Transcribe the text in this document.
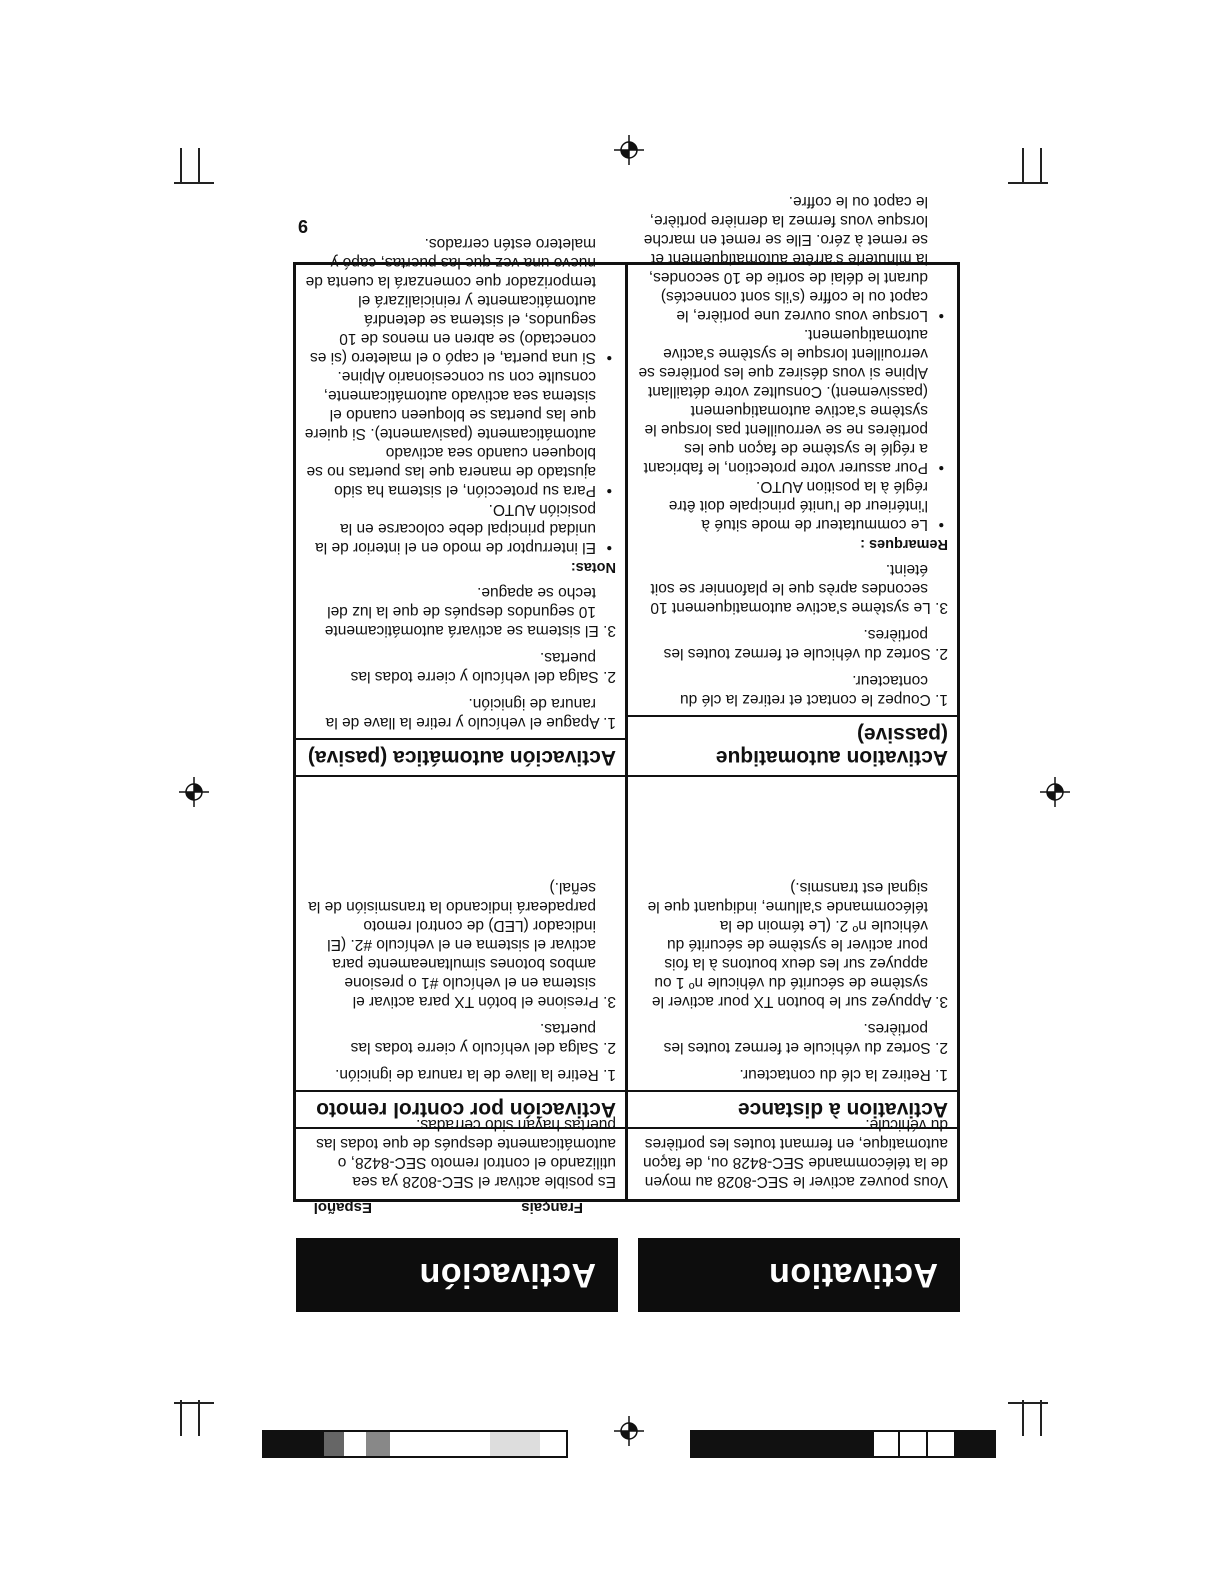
9
Activation
Activación
Français
Español

Vous pouvez activer le SEC-8028 au moyen de la télécommande SEC-8428 ou, de façon automatique, en fermant toutes les portières du véhicule.

Activation à distance
1. Retirez la clé du contacteur.
2. Sortez du véhicule et fermez toutes les portières.
3. Appuyez sur le bouton TX pour activer le système de sécurité du véhicule nº 1 ou appuyez sur les deux boutons à la fois pour activer le système de sécurité du véhicule nº 2. (Le témoin de la télécommande s'allume, indiquant que le signal est transmis.)
Activation automatique (passive)
1. Coupez le contact et retirez la clé du contacteur.
2. Sortez du véhicule et fermez toutes les portières.
3. Le système s'active automatiquement 10 secondes après que le plafonnier se soit éteint.
Remarques :
• Le commutateur de mode situé à l'intérieur de l'unité principale doit être réglé à la position AUTO.
• Pour assurer votre protection, le fabricant a réglé le système de façon que les portières ne se verrouillent pas lorsque le système s'active automatiquement (passivement). Consultez votre détaillant Alpine si vous désirez que les portières se verrouillent lorsque le système s'active automatiquement.
• Lorsque vous ouvrez une portière, le capot ou le coffre (s'ils sont connectés) durant le délai de sortie de 10 secondes, la minuterie s'arrête automatiquement et se remet à zéro. Elle se remet en marche lorsque vous fermez la dernière portière, le capot ou le coffre.

Es posible activar el SEC-8028 ya sea utilizando el control remoto SEC-8428, o automáticamente después de que todas las puertas hayan sido cerradas.

Activación por control remoto
1. Retire la llave de la ranura de ignición.
2. Salga del vehículo y cierre todas las puertas.
3. Presione el botón TX para activar el sistema en el vehículo #1 o presione ambos botones simultaneamente para activar el sistema en el vehículo #2. (El indicador (LED) de control remoto parpadeará indicando la transmisión de la señal.)
Activación automática (pasiva)
1. Apague el vehículo y retire la llave de la ranura de ignición.
2. Salga del vehículo y cierre todas las puertas.
3. El sistema se activará automáticamente 10 segundos después de que la luz del techo se apague.
Notas:
• El interruptor de modo en el interior de la unidad principal debe colocarse en la posición AUTO.
• Para su protección, el sistema ha sido ajustado de manera que las puertas no se bloqueen cuando sea activado automáticamente (pasivamente). Si quiere que las puertas se bloqueen cuando el sistema sea activado automáticamente, consulte con su concesionario Alpine.
• Si una puerta, el capó o el maletero (si es conectado) se abren en menos de 10 segundos, el sistema se detendrá automáticamente y reinicializará el temporizador que comenzará la cuenta de nuevo una vez que las puertas, capó y maletero estén cerrados.
